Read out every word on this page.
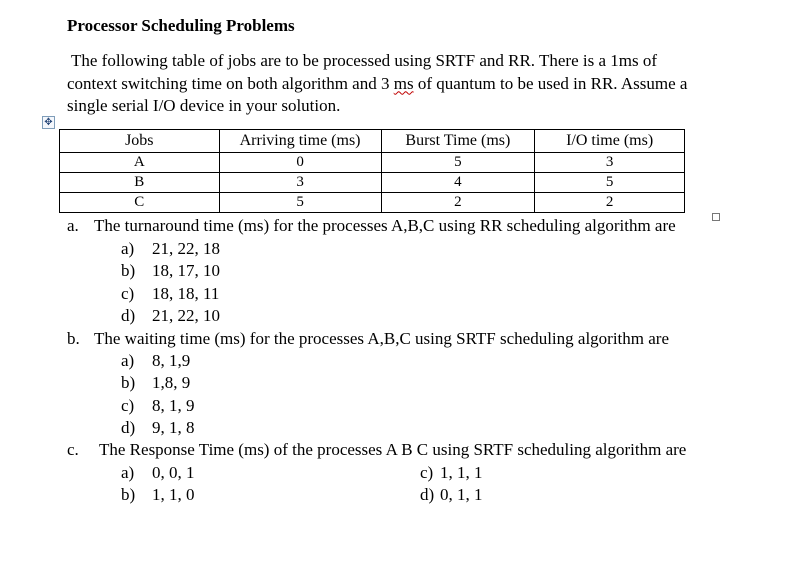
Processor Scheduling Problems
The following table of jobs are to be processed using SRTF and RR. There is a 1ms of
context switching time on both algorithm and 3 ms of quantum to be used in RR. Assume a
single serial I/O device in your solution.
✥
Jobs	Arriving time (ms)	Burst Time (ms)	I/O time (ms)
A	0	5	3
B	3	4	5
C	5	2	2
a. The turnaround time (ms) for the processes A,B,C using RR scheduling algorithm are
a) 21, 22, 18
b) 18, 17, 10
c) 18, 18, 11
d) 21, 22, 10
b. The waiting time (ms) for the processes A,B,C using SRTF scheduling algorithm are
a) 8, 1,9
b) 1,8, 9
c) 8, 1, 9
d) 9, 1, 8
c. The Response Time (ms) of the processes A B C using SRTF scheduling algorithm are
a) 0, 0, 1
b) 1, 1, 0
c) 1, 1, 1
d) 0, 1, 1
